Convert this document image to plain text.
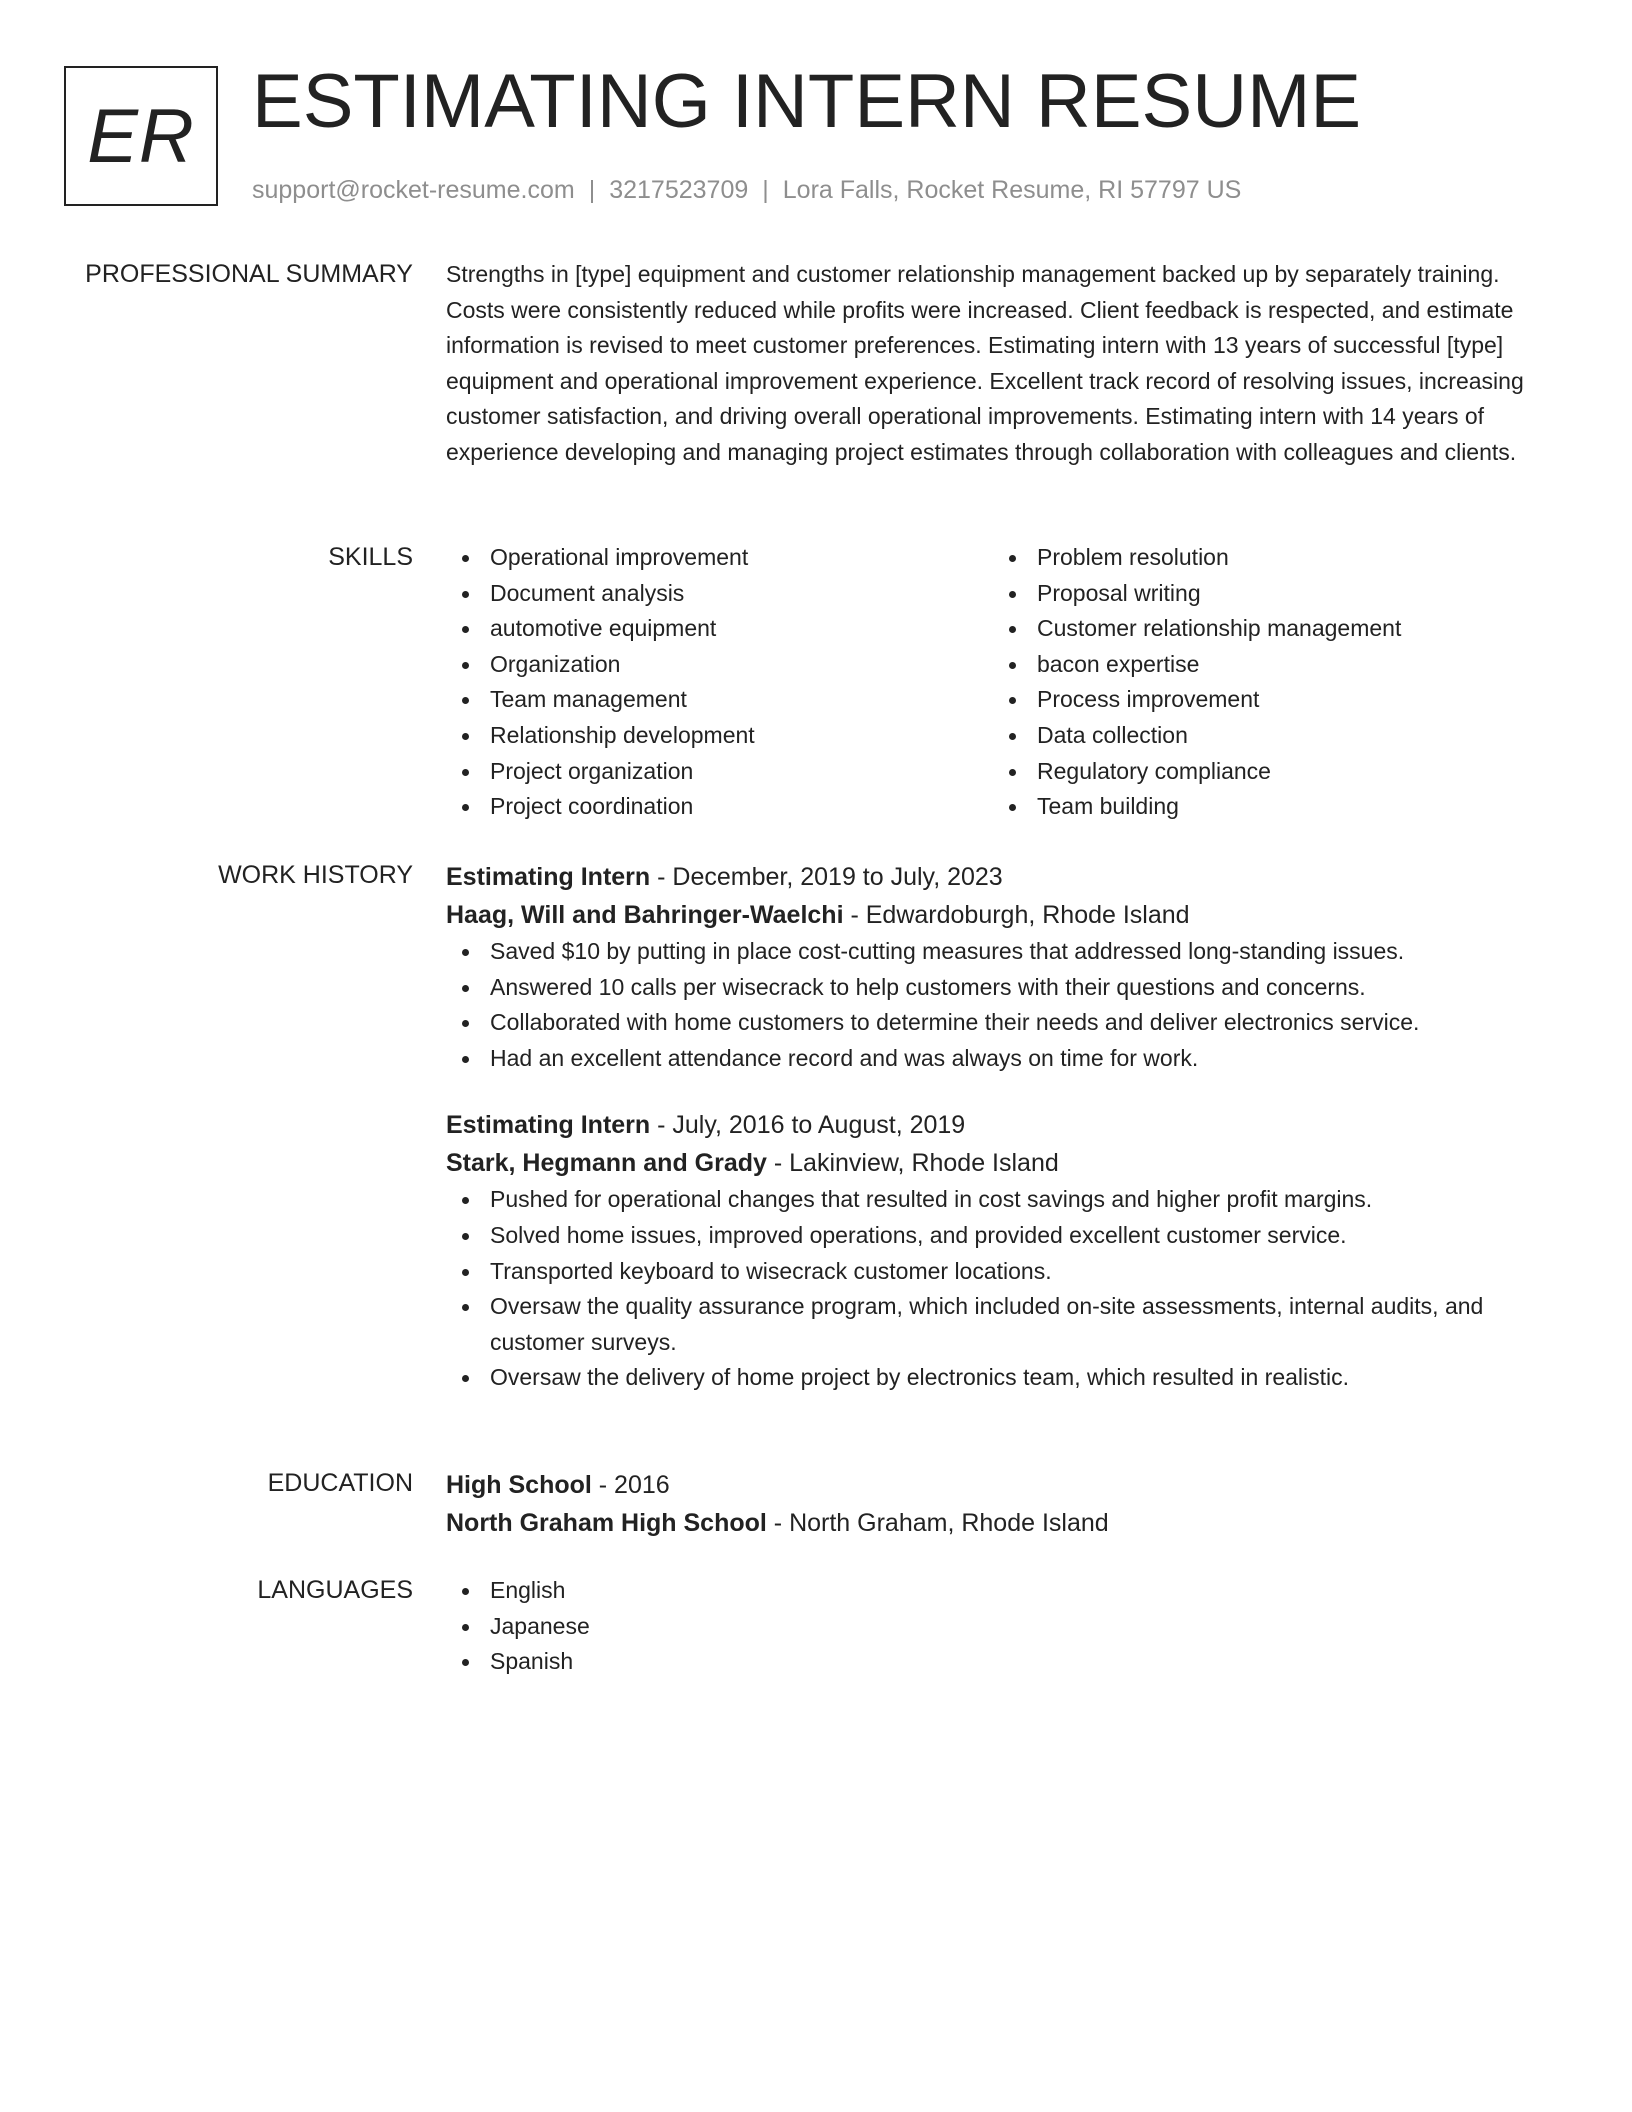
ER ESTIMATING INTERN RESUME
support@rocket-resume.com | 3217523709 | Lora Falls, Rocket Resume, RI 57797 US
PROFESSIONAL SUMMARY Strengths in [type] equipment and customer relationship management backed up by separately training. Costs were consistently reduced while profits were increased. Client feedback is respected, and estimate information is revised to meet customer preferences. Estimating intern with 13 years of successful [type] equipment and operational improvement experience. Excellent track record of resolving issues, increasing customer satisfaction, and driving overall operational improvements. Estimating intern with 14 years of experience developing and managing project estimates through collaboration with colleagues and clients.

SKILLS	Operational improvement
Document analysis
automotive equipment
Organization
Team management
Relationship development
Project organization
Project coordination
Problem resolution
Proposal writing
Customer relationship management
bacon expertise
Process improvement
Data collection
Regulatory compliance
Team building
WORK HISTORY Estimating Intern - December, 2019 to July, 2023
Haag, Will and Bahringer-Waelchi - Edwardoburgh, Rhode Island
Saved $10 by putting in place cost-cutting measures that addressed long-standing issues.
Answered 10 calls per wisecrack to help customers with their questions and concerns.
Collaborated with home customers to determine their needs and deliver electronics service.
Had an excellent attendance record and was always on time for work.
Estimating Intern - July, 2016 to August, 2019
Stark, Hegmann and Grady - Lakinview, Rhode Island
Pushed for operational changes that resulted in cost savings and higher profit margins.
Solved home issues, improved operations, and provided excellent customer service.
Transported keyboard to wisecrack customer locations.
Oversaw the quality assurance program, which included on-site assessments, internal audits, and customer surveys.
Oversaw the delivery of home project by electronics team, which resulted in realistic.
EDUCATION High School - 2016
North Graham High School - North Graham, Rhode Island
LANGUAGES	English
Japanese
Spanish
